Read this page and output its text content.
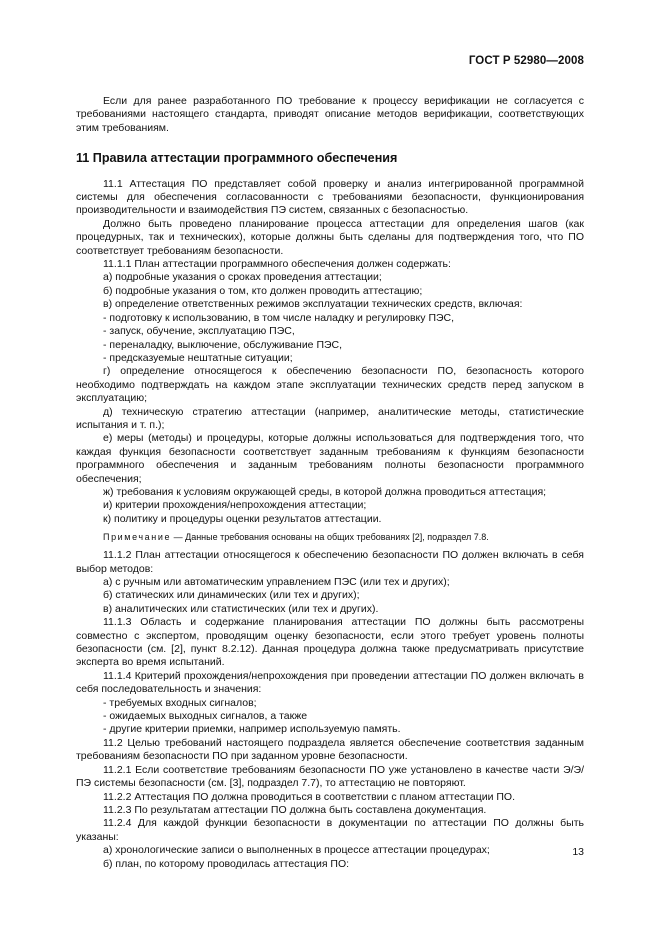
ГОСТ Р 52980—2008

Если для ранее разработанного ПО требование к процессу верификации не согласуется с требованиями настоящего стандарта, приводят описание методов верификации, соответствующих этим требованиям.

11 Правила аттестации программного обеспечения

11.1 Аттестация ПО представляет собой проверку и анализ интегрированной программной системы для обеспечения согласованности с требованиями безопасности, функционирования производительности и взаимодействия ПЭ систем, связанных с безопасностью.

Должно быть проведено планирование процесса аттестации для определения шагов (как процедурных, так и технических), которые должны быть сделаны для подтверждения того, что ПО соответствует требованиям безопасности.

11.1.1 План аттестации программного обеспечения должен содержать:

а) подробные указания о сроках проведения аттестации;

б) подробные указания о том, кто должен проводить аттестацию;

в) определение ответственных режимов эксплуатации технических средств, включая:

- подготовку к использованию, в том числе наладку и регулировку ПЭС,

- запуск, обучение, эксплуатацию ПЭС,

- переналадку, выключение, обслуживание ПЭС,

- предсказуемые нештатные ситуации;

г) определение относящегося к обеспечению безопасности ПО, безопасность которого необходимо подтверждать на каждом этапе эксплуатации технических средств перед запуском в эксплуатацию;

д) техническую стратегию аттестации (например, аналитические методы, статистические испытания и т. п.);

е) меры (методы) и процедуры, которые должны использоваться для подтверждения того, что каждая функция безопасности соответствует заданным требованиям к функциям безопасности программного обеспечения и заданным требованиям полноты безопасности программного обеспечения;

ж) требования к условиям окружающей среды, в которой должна проводиться аттестация;

и) критерии прохождения/непрохождения аттестации;

к) политику и процедуры оценки результатов аттестации.

Примечание — Данные требования основаны на общих требованиях [2], подраздел 7.8.

11.1.2 План аттестации относящегося к обеспечению безопасности ПО должен включать в себя выбор методов:

а) с ручным или автоматическим управлением ПЭС (или тех и других);

б) статических или динамических (или тех и других);

в) аналитических или статистических (или тех и других).

11.1.3 Область и содержание планирования аттестации ПО должны быть рассмотрены совместно с экспертом, проводящим оценку безопасности, если этого требует уровень полноты безопасности (см. [2], пункт 8.2.12). Данная процедура должна также предусматривать присутствие эксперта во время испытаний.

11.1.4 Критерий прохождения/непрохождения при проведении аттестации ПО должен включать в себя последовательность и значения:

- требуемых входных сигналов;

- ожидаемых выходных сигналов, а также

- другие критерии приемки, например используемую память.

11.2 Целью требований настоящего подраздела является обеспечение соответствия заданным требованиям безопасности ПО при заданном уровне безопасности.

11.2.1 Если соответствие требованиям безопасности ПО уже установлено в качестве части Э/Э/ПЭ системы безопасности (см. [3], подраздел 7.7), то аттестацию не повторяют.

11.2.2 Аттестация ПО должна проводиться в соответствии с планом аттестации ПО.

11.2.3 По результатам аттестации ПО должна быть составлена документация.

11.2.4 Для каждой функции безопасности в документации по аттестации ПО должны быть указаны:

а) хронологические записи о выполненных в процессе аттестации процедурах;

б) план, по которому проводилась аттестация ПО:

13
